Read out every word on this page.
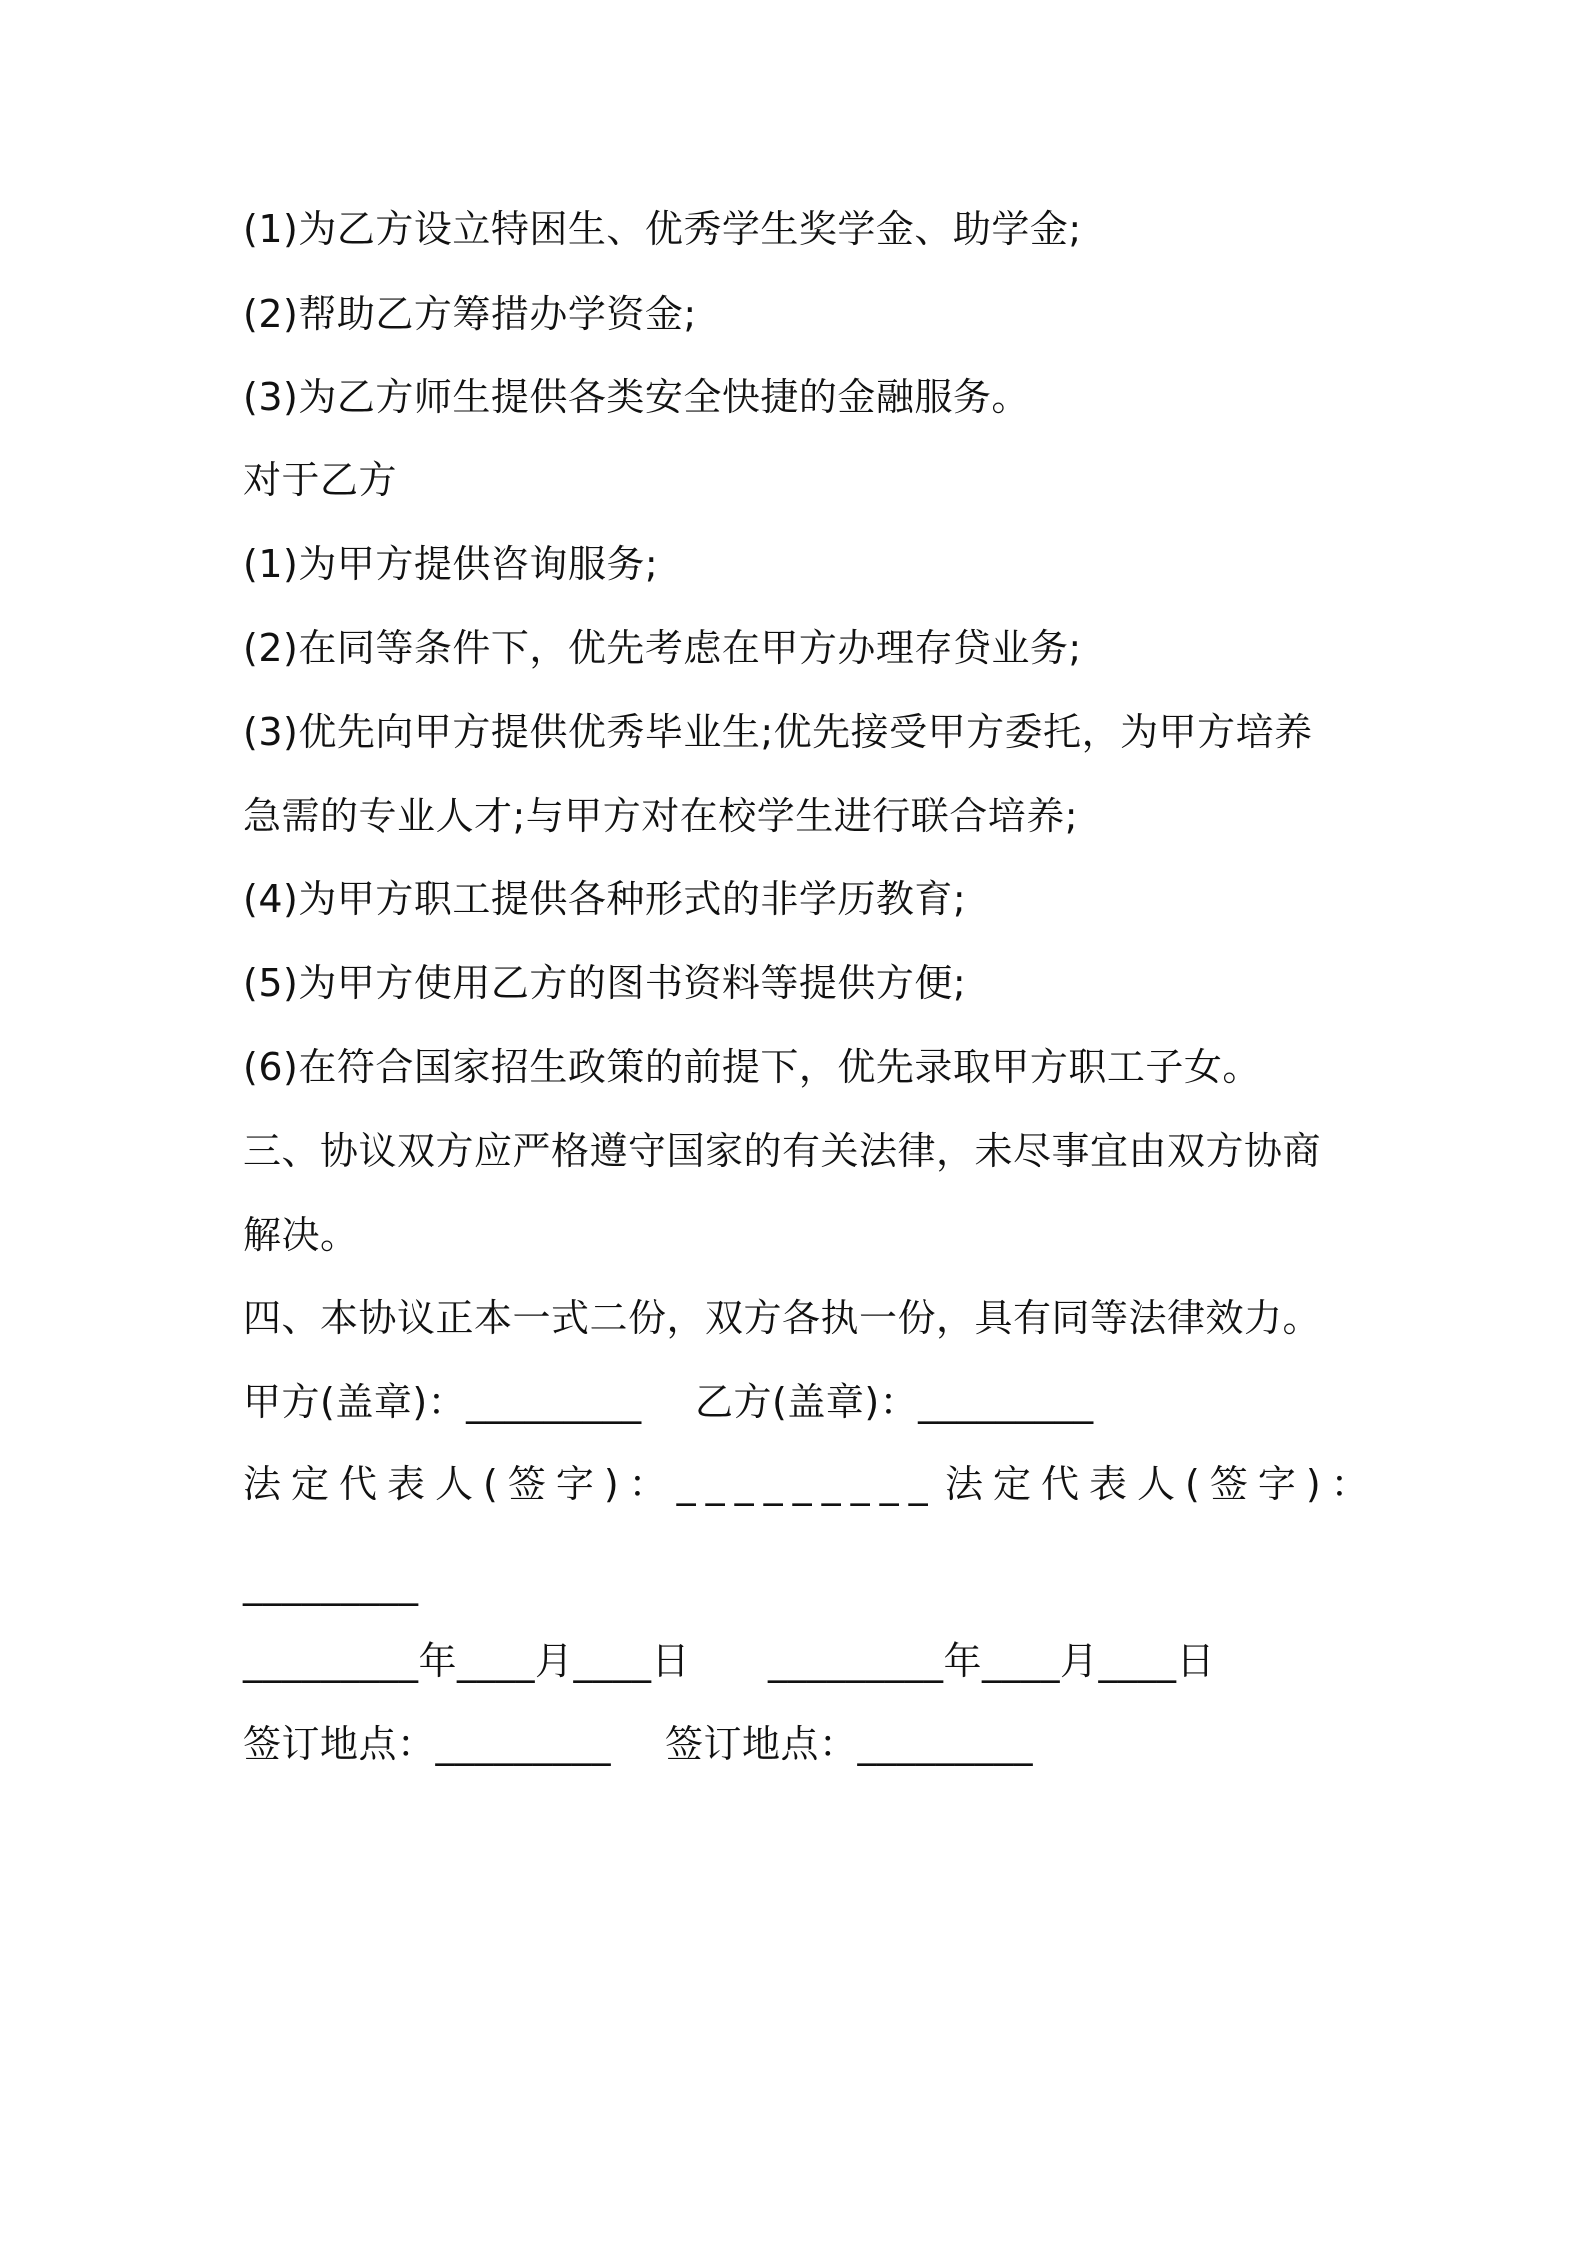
(1)为乙方设立特困生、优秀学生奖学金、助学金;
(2)帮助乙方筹措办学资金;
(3)为乙方师生提供各类安全快捷的金融服务。
对于乙方
(1)为甲方提供咨询服务;
(2)在同等条件下，优先考虑在甲方办理存贷业务;
(3)优先向甲方提供优秀毕业生;优先接受甲方委托，为甲方培养
急需的专业人才;与甲方对在校学生进行联合培养;
(4)为甲方职工提供各种形式的非学历教育;
(5)为甲方使用乙方的图书资料等提供方便;
(6)在符合国家招生政策的前提下，优先录取甲方职工子女。
三、协议双方应严格遵守国家的有关法律，未尽事宜由双方协商
解决。
四、本协议正本一式二份，双方各执一份，具有同等法律效力。
甲方(盖章)：_________ 乙方(盖章)：_________
法定代表人(签字)：_________ 法定代表人(签字)：
_________
_________年____月____日 _________年____月____日
签订地点：_________ 签订地点：_________
